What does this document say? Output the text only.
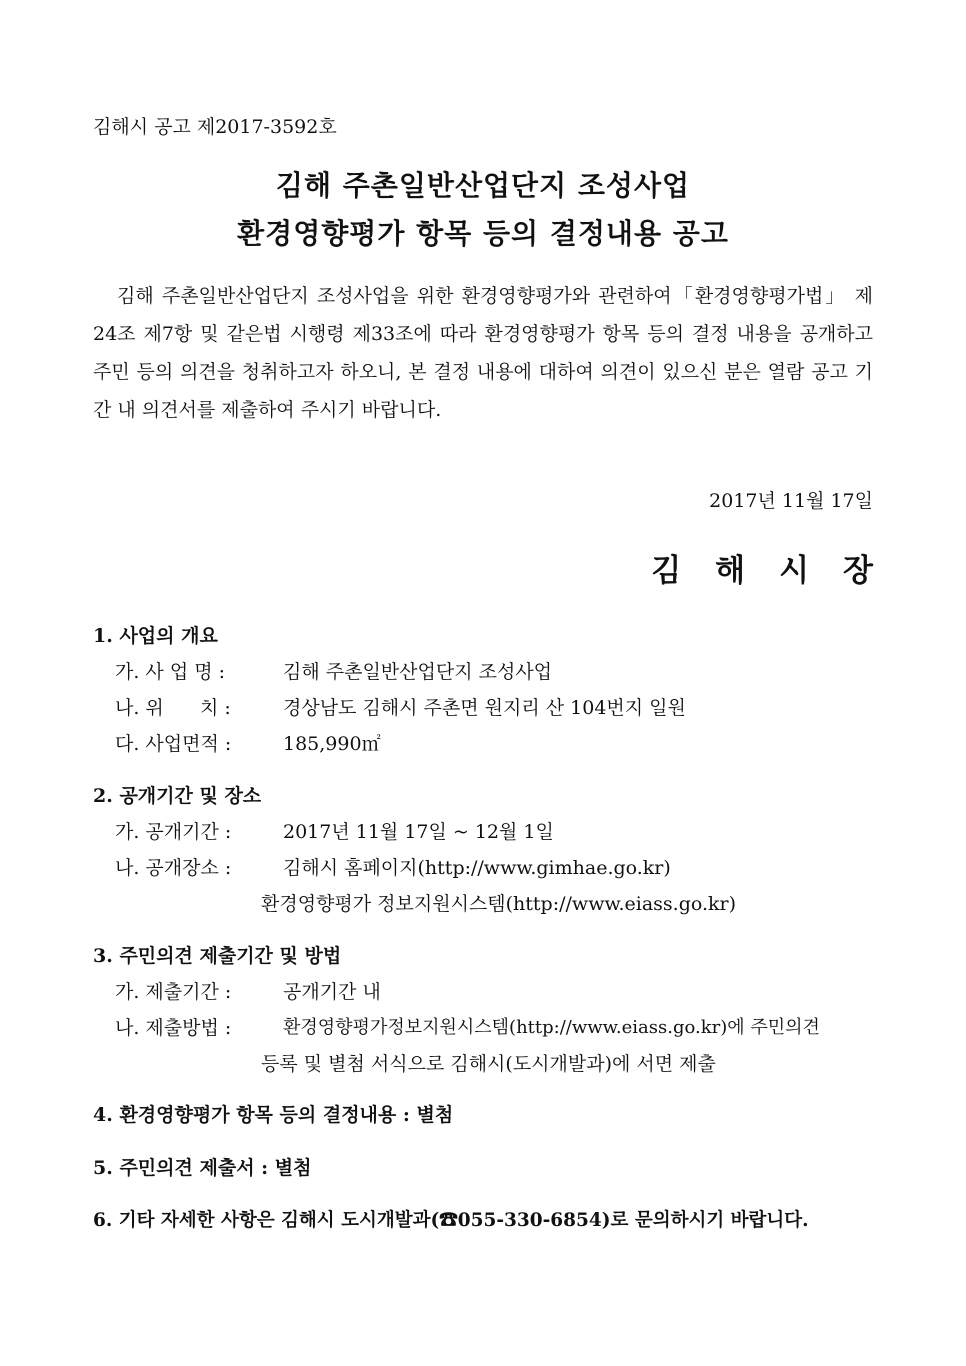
김해시 공고 제2017-3592호
김해 주촌일반산업단지 조성사업
환경영향평가 항목 등의 결정내용 공고

김해 주촌일반산업단지 조성사업을 위한 환경영향평가와 관련하여「환경영향평가법」 제24조 제7항 및 같은법 시행령 제33조에 따라 환경영향평가 항목 등의 결정 내용을 공개하고 주민 등의 의견을 청취하고자 하오니, 본 결정 내용에 대하여 의견이 있으신 분은 열람 공고 기간 내 의견서를 제출하여 주시기 바랍니다.

2017년 11월 17일
김해시장
1. 사업의 개요
가. 사 업 명 :	김해 주촌일반산업단지 조성사업
나. 위      치 :	경상남도 김해시 주촌면 원지리 산 104번지 일원
다. 사업면적 :	185,990㎡
2. 공개기간 및 장소
가. 공개기간 :	2017년 11월 17일 ~ 12월 1일
나. 공개장소 :	김해시 홈페이지(http://www.gimhae.go.kr)
환경영향평가 정보지원시스템(http://www.eiass.go.kr)
3. 주민의견 제출기간 및 방법
가. 제출기간 :	공개기간 내
나. 제출방법 :	환경영향평가정보지원시스템(http://www.eiass.go.kr)에 주민의견
등록 및 별첨 서식으로 김해시(도시개발과)에 서면 제출
4. 환경영향평가 항목 등의 결정내용 : 별첨
5. 주민의견 제출서 : 별첨
6. 기타 자세한 사항은 김해시 도시개발과(☎055-330-6854)로 문의하시기 바랍니다.
